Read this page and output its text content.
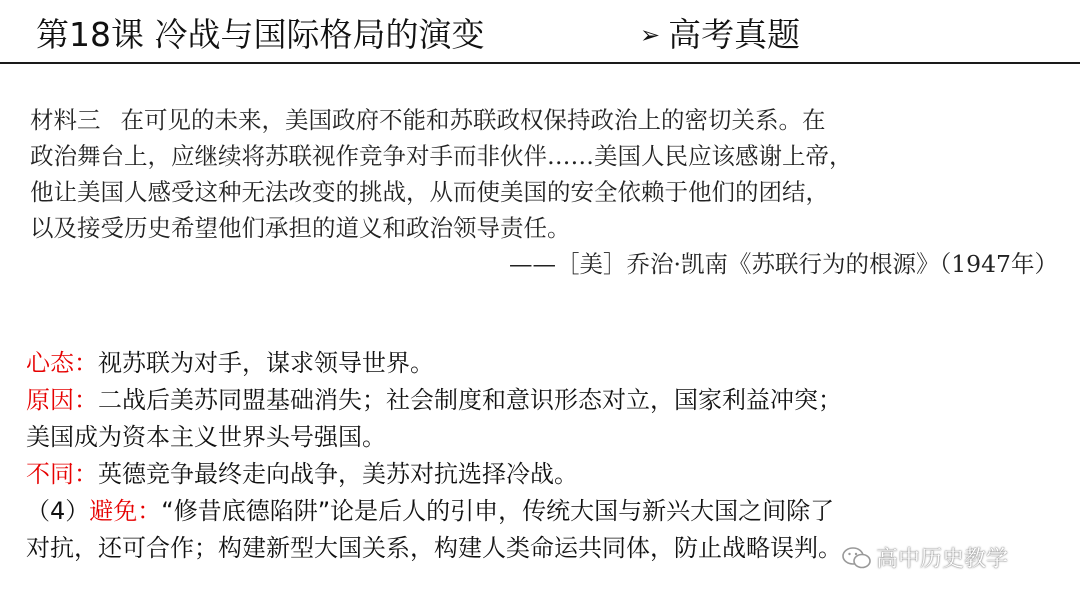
第18课 冷战与国际格局的演变	➢ 高考真题
材料三 在可见的未来，美国政府不能和苏联政权保持政治上的密切关系。在
政治舞台上，应继续将苏联视作竞争对手而非伙伴……美国人民应该感谢上帝，
他让美国人感受这种无法改变的挑战，从而使美国的安全依赖于他们的团结，
以及接受历史希望他们承担的道义和政治领导责任。
——［美］乔治·凯南《苏联行为的根源》（1947年）
心态：视苏联为对手，谋求领导世界。
原因：二战后美苏同盟基础消失；社会制度和意识形态对立，国家利益冲突；
美国成为资本主义世界头号强国。
不同：英德竞争最终走向战争，美苏对抗选择冷战。
（4）避免：“修昔底德陷阱”论是后人的引申，传统大国与新兴大国之间除了
对抗，还可合作；构建新型大国关系，构建人类命运共同体，防止战略误判。	高中历史教学
